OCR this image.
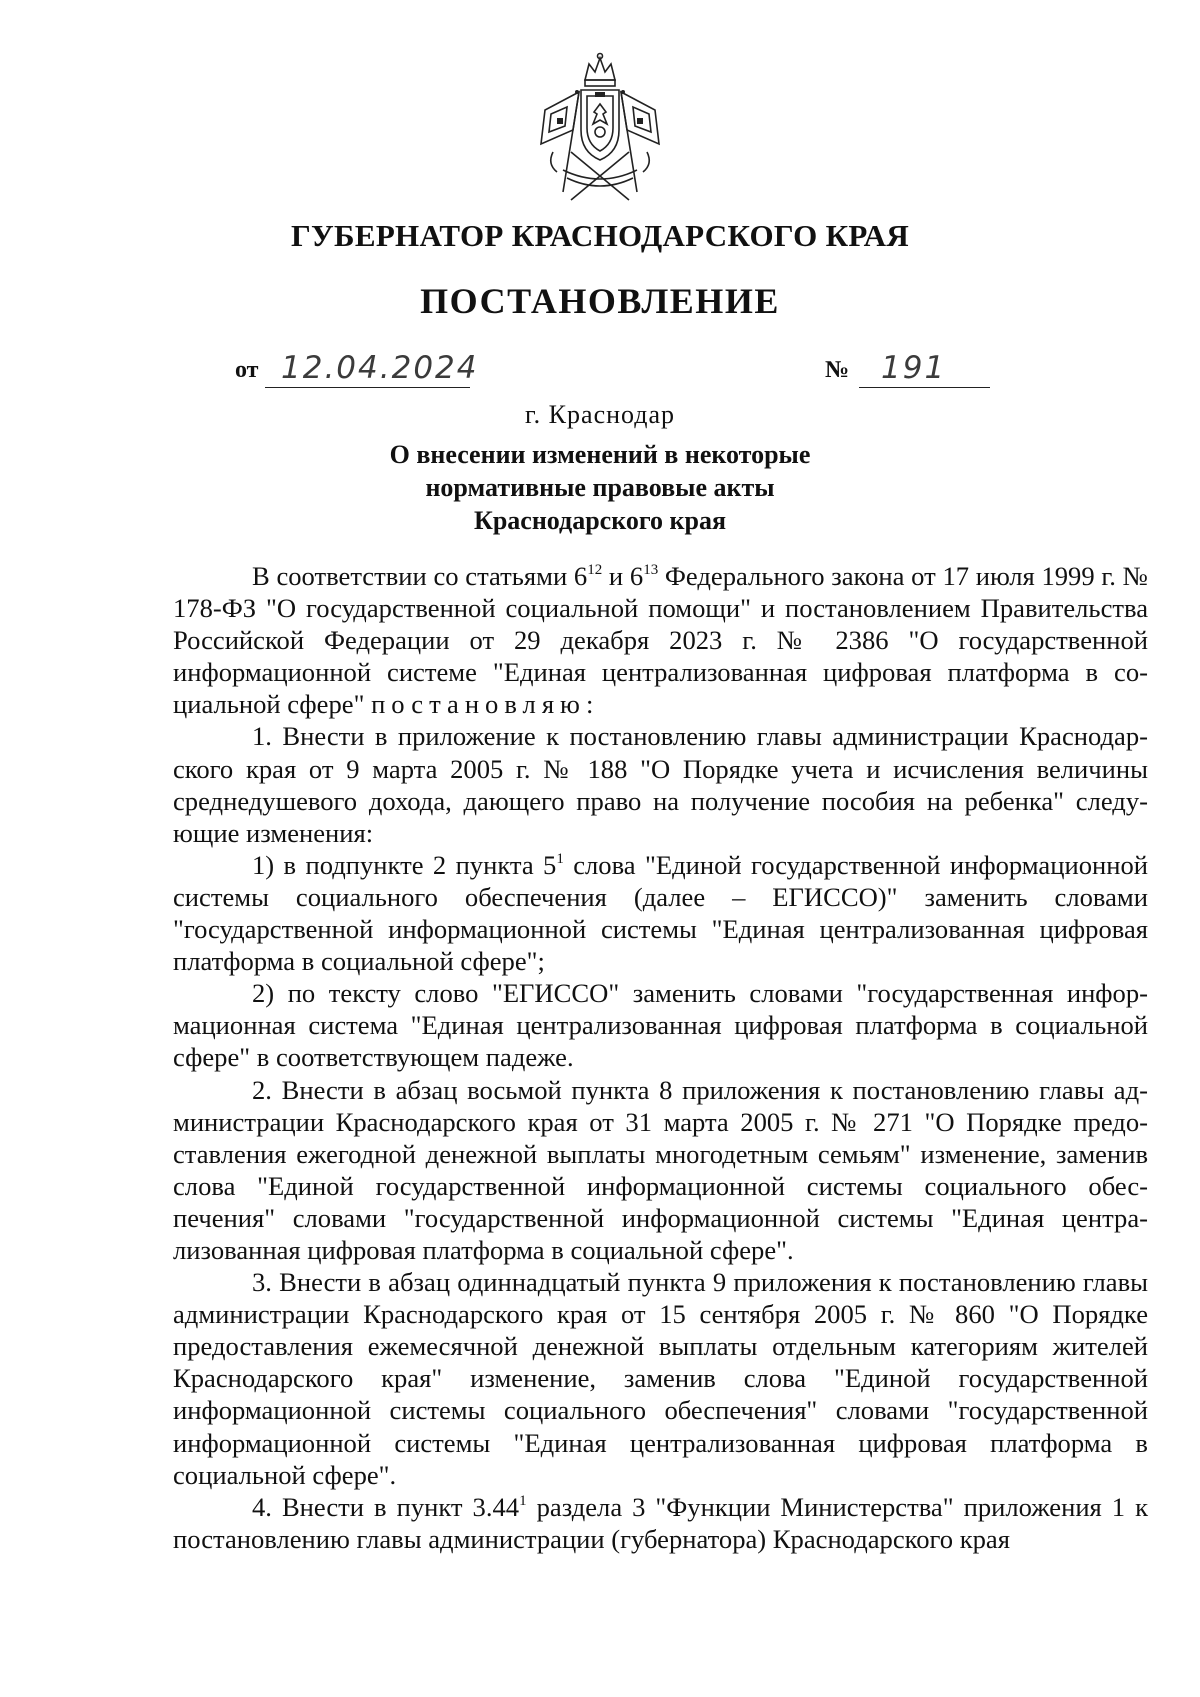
ГУБЕРНАТОР КРАСНОДАРСКОГО КРАЯ
ПОСТАНОВЛЕНИЕ
от 12.04.2024	№ 191
г. Краснодар
О внесении изменений в некоторые
нормативные правовые акты
Краснодарского края

В соответствии со статьями $6^{12}$ и $6^{13}$ Федерального закона от 17 июля 1999 г. № 178-ФЗ "О государственной социальной помощи" и постановлением Правительства Российской Федерации от 29 декабря 2023 г. № 2386 "О государственной информационной системе "Единая централизованная цифровая платформа в социальной сфере" постановляю:

1. Внести в приложение к постановлению главы администрации Краснодарского края от 9 марта 2005 г. № 188 "О Порядке учета и исчисления величины среднедушевого дохода, дающего право на получение пособия на ребенка" следующие изменения:

1) в подпункте 2 пункта $5^1$ слова "Единой государственной информационной системы социального обеспечения (далее – ЕГИССО)" заменить словами "государственной информационной системы "Единая централизованная цифровая платформа в социальной сфере";

2) по тексту слово "ЕГИССО" заменить словами "государственная информационная система "Единая централизованная цифровая платформа в социальной сфере" в соответствующем падеже.

2. Внести в абзац восьмой пункта 8 приложения к постановлению главы администрации Краснодарского края от 31 марта 2005 г. № 271 "О Порядке предоставления ежегодной денежной выплаты многодетным семьям" изменение, заменив слова "Единой государственной информационной системы социального обеспечения" словами "государственной информационной системы "Единая централизованная цифровая платформа в социальной сфере".

3. Внести в абзац одиннадцатый пункта 9 приложения к постановлению главы администрации Краснодарского края от 15 сентября 2005 г. № 860 "О Порядке предоставления ежемесячной денежной выплаты отдельным категориям жителей Краснодарского края" изменение, заменив слова "Единой государственной информационной системы социального обеспечения" словами "государственной информационной системы "Единая централизованная цифровая платформа в социальной сфере".

4. Внести в пункт 3.44$^1$ раздела 3 "Функции Министерства" приложения 1 к постановлению главы администрации (губернатора) Краснодарского края
